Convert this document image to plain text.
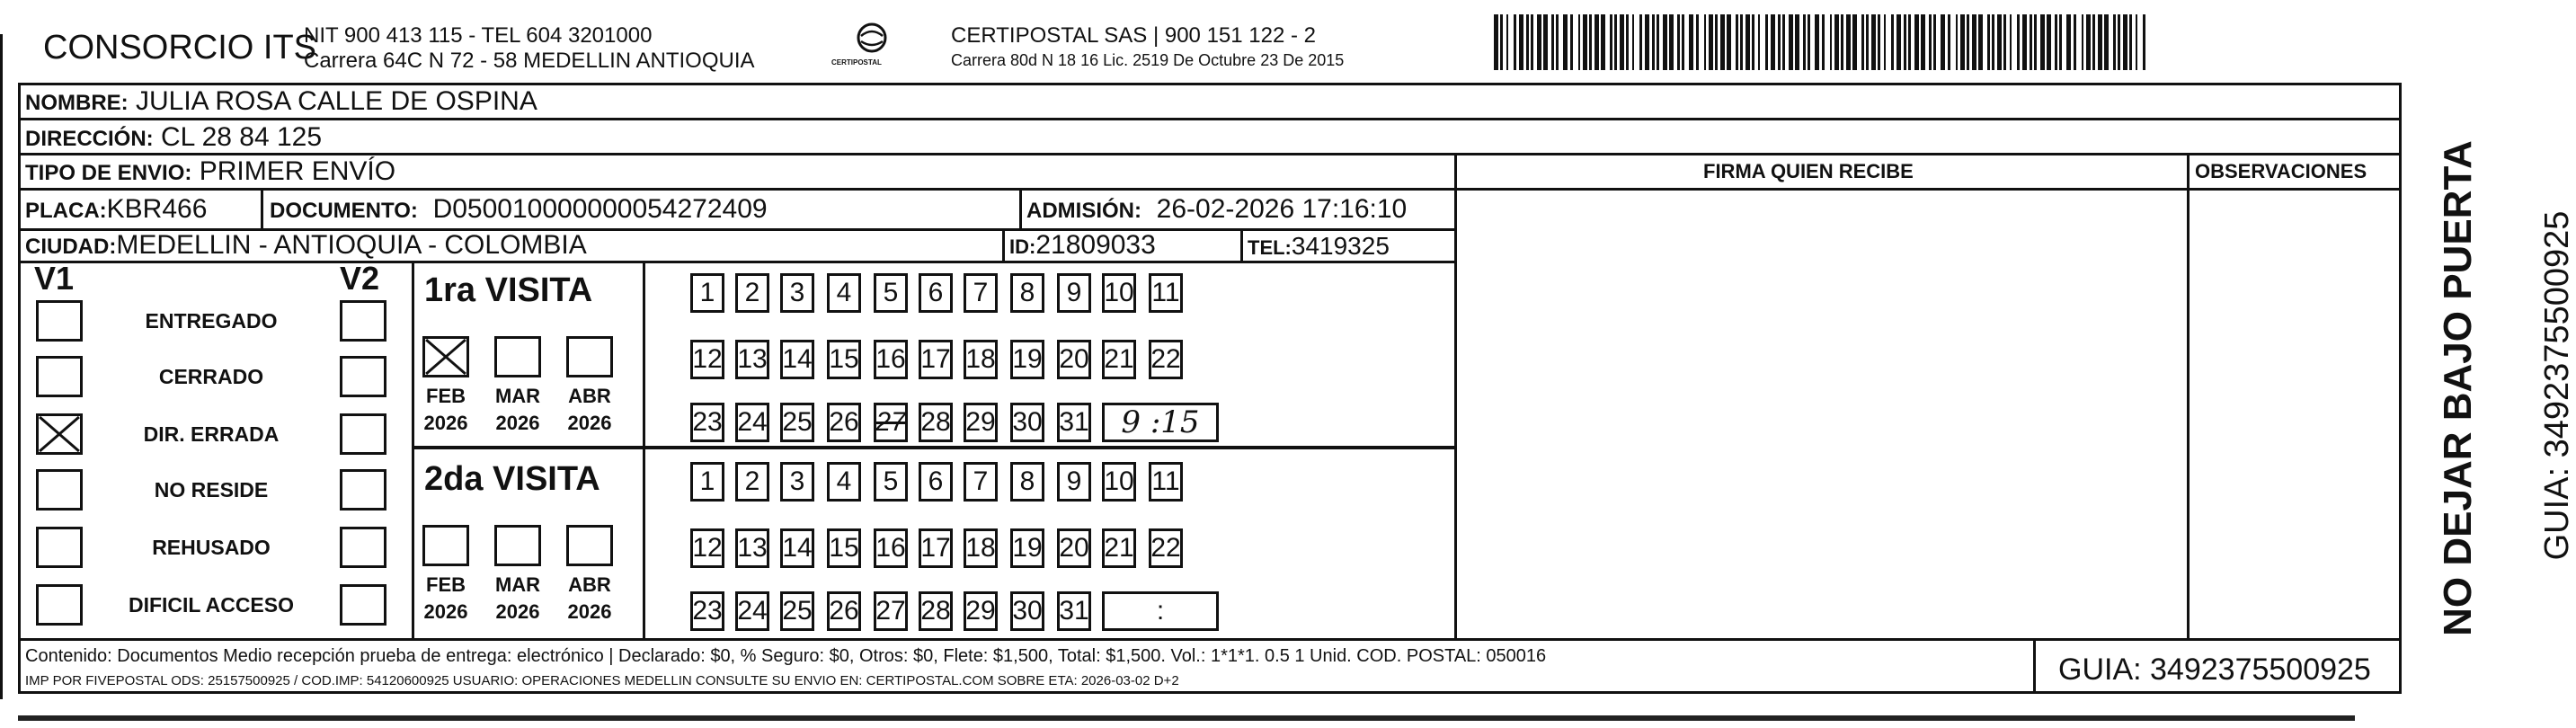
CONSORCIO ITS
NIT 900 413 115 - TEL 604 3201000
Carrera 64C N 72 - 58 MEDELLIN ANTIOQUIA	CERTIPOSTAL
CERTIPOSTAL SAS | 900 151 122 - 2
Carrera 80d N 18 16 Lic. 2519 De Octubre 23 De 2015
NOMBRE: JULIA ROSA CALLE DE OSPINA
DIRECCIÓN: CL 28 84 125
FIRMA QUIEN RECIBE	OBSERVACIONES
TIPO DE ENVIO: PRIMER ENVÍO
PLACA:KBR466	DOCUMENTO: D050010000000054272409	ADMISIÓN: 26-02-2026 17:16:10
CIUDAD:MEDELLIN - ANTIOQUIA - COLOMBIA	ID:21809033	TEL:3419325
V1	V2
ENTREGADO
CERRADO
DIR. ERRADA
NO RESIDE
REHUSADO
DIFICIL ACCESO
1ra VISITA
FEB
2026
MAR
2026
ABR
2026
1	2	3	4	5	6	7	8	9 10 11
12 13 14 15 16 17 18 19 20 21 22
23 24 25 26 27 28 29 30 31	9 :15
2da VISITA
FEB
2026
MAR
2026
ABR
2026
1	2	3	4	5	6	7	8	9 10 11
12 13 14 15 16 17 18 19 20 21 22
23 24 25 26 27 28 29 30 31	:
Contenido: Documentos Medio recepción prueba de entrega: electrónico | Declarado: $0, % Seguro: $0, Otros: $0, Flete: $1,500, Total: $1,500. Vol.: 1*1*1. 0.5 1 Unid. COD. POSTAL: 050016
IMP POR FIVEPOSTAL ODS: 25157500925 / COD.IMP: 54120600925 USUARIO: OPERACIONES MEDELLIN CONSULTE SU ENVIO EN: CERTIPOSTAL.COM SOBRE ETA: 2026-03-02 D+2	GUIA: 3492375500925
NO DEJAR BAJO PUERTA GUIA: 3492375500925
